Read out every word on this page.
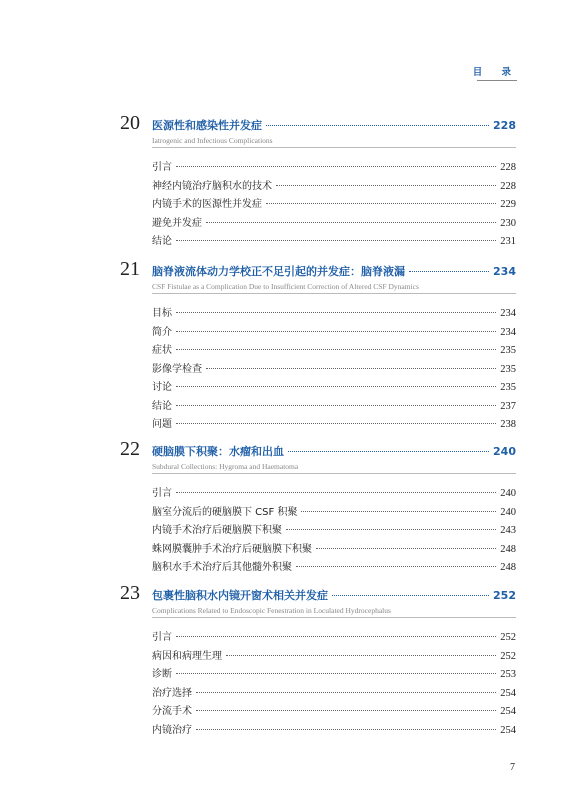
目 录
20 医源性和感染性并发症	228
Iatrogenic and Infectious Complications
引言	228
神经内镜治疗脑积水的技术	228
内镜手术的医源性并发症	229
避免并发症	230
结论	231
21 脑脊液流体动力学校正不足引起的并发症：脑脊液漏	234
CSF Fistulae as a Complication Due to Insufficient Correction of Altered CSF Dynamics
目标	234
简介	234
症状	235
影像学检查	235
讨论	235
结论	237
问题	238
22 硬脑膜下积聚：水瘤和出血	240
Subdural Collections: Hygroma and Haematoma
引言	240
脑室分流后的硬脑膜下 CSF 积聚	240
内镜手术治疗后硬脑膜下积聚	243
蛛网膜囊肿手术治疗后硬脑膜下积聚	248
脑积水手术治疗后其他髓外积聚	248
23 包裹性脑积水内镜开窗术相关并发症	252
Complications Related to Endoscopic Fenestration in Loculated Hydrocephalus
引言	252
病因和病理生理	252
诊断	253
治疗选择	254
分流手术	254
内镜治疗	254
7
